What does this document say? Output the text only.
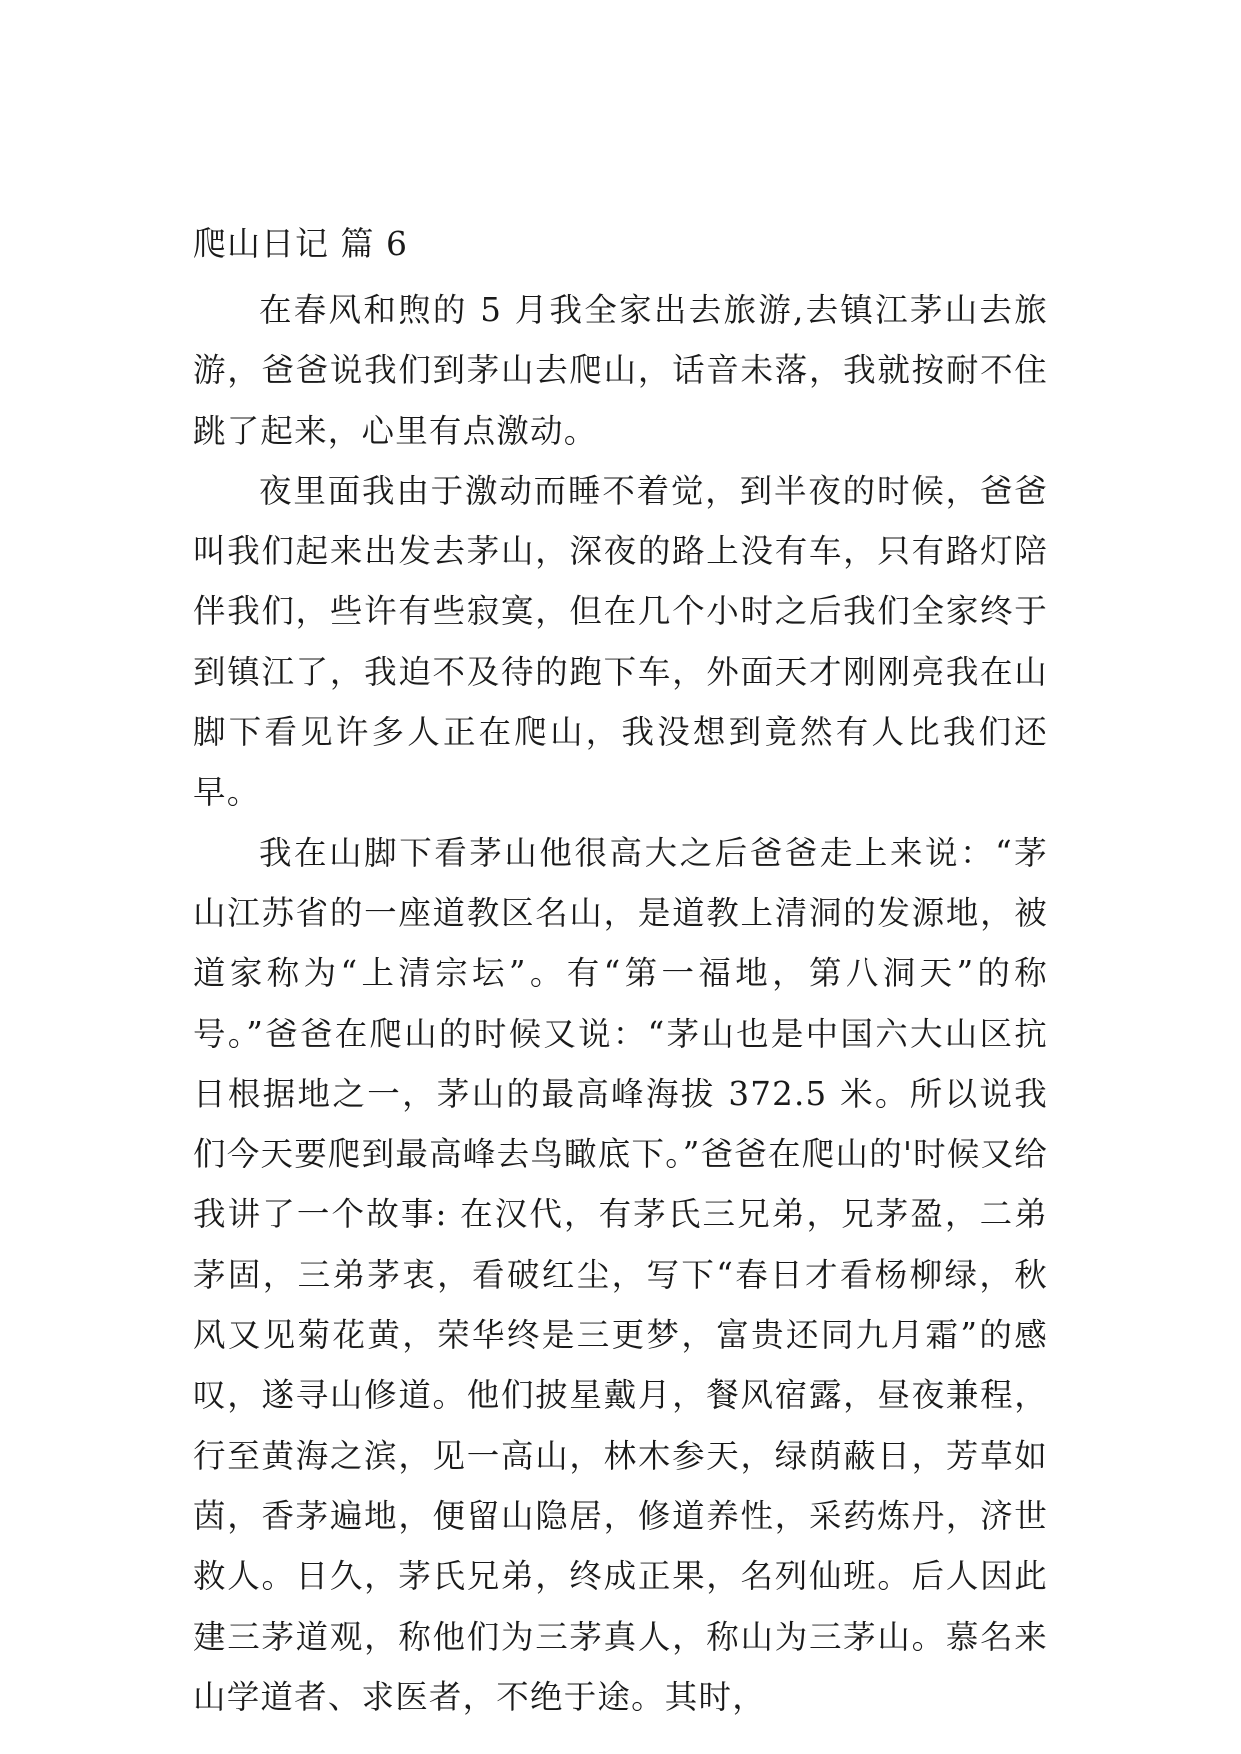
爬山日记 篇 6

在春风和煦的 5 月我全家出去旅游,去镇江茅山去旅游，爸爸说我们到茅山去爬山，话音未落，我就按耐不住跳了起来，心里有点激动。

夜里面我由于激动而睡不着觉，到半夜的时候，爸爸叫我们起来出发去茅山，深夜的路上没有车，只有路灯陪伴我们，些许有些寂寞，但在几个小时之后我们全家终于到镇江了，我迫不及待的跑下车，外面天才刚刚亮我在山脚下看见许多人正在爬山，我没想到竟然有人比我们还早。

我在山脚下看茅山他很高大之后爸爸走上来说：“茅山江苏省的一座道教区名山，是道教上清洞的发源地，被道家称为“上清宗坛”。有“第一福地，第八洞天”的称号。”爸爸在爬山的时候又说：“茅山也是中国六大山区抗日根据地之一，茅山的最高峰海拔 372.5 米。所以说我们今天要爬到最高峰去鸟瞰底下。”爸爸在爬山的'时候又给我讲了一个故事: 在汉代，有茅氏三兄弟，兄茅盈，二弟茅固，三弟茅衷，看破红尘，写下“春日才看杨柳绿，秋风又见菊花黄，荣华终是三更梦，富贵还同九月霜”的感叹，遂寻山修道。他们披星戴月，餐风宿露，昼夜兼程，行至黄海之滨，见一高山，林木参天，绿荫蔽日，芳草如茵，香茅遍地，便留山隐居，修道养性，采药炼丹，济世救人。日久，茅氏兄弟，终成正果，名列仙班。后人因此建三茅道观，称他们为三茅真人，称山为三茅山。慕名来山学道者、求医者，不绝于途。其时，
